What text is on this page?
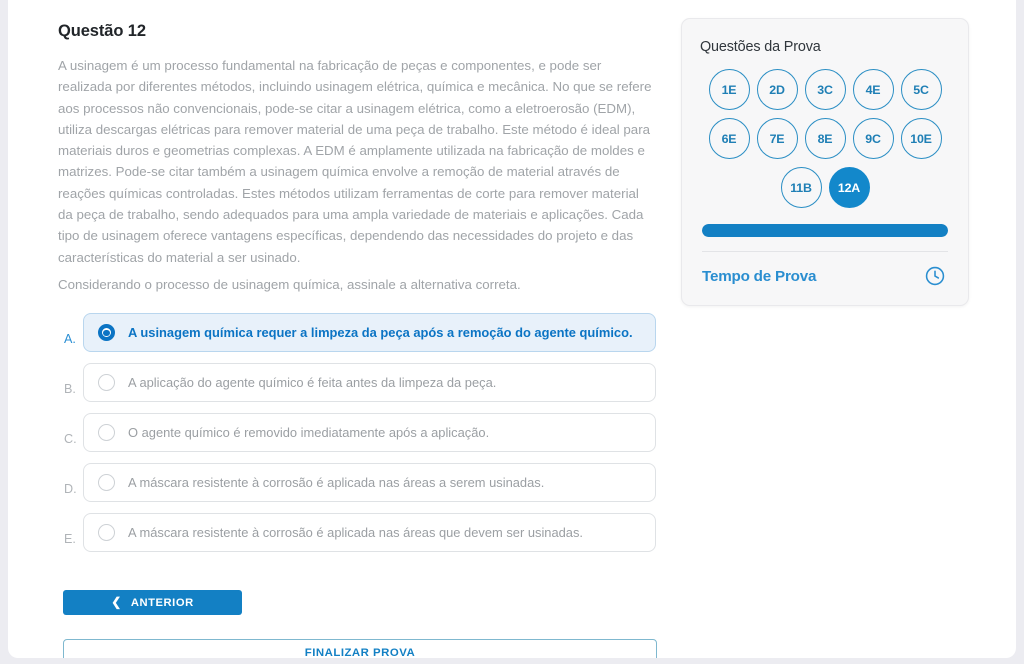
Questão 12

A usinagem é um processo fundamental na fabricação de peças e componentes, e pode ser realizada por diferentes métodos, incluindo usinagem elétrica, química e mecânica. No que se refere aos processos não convencionais, pode-se citar a usinagem elétrica, como a eletroerosão (EDM), utiliza descargas elétricas para remover material de uma peça de trabalho. Este método é ideal para materiais duros e geometrias complexas. A EDM é amplamente utilizada na fabricação de moldes e matrizes. Pode-se citar também a usinagem química envolve a remoção de material através de reações químicas controladas. Estes métodos utilizam ferramentas de corte para remover material da peça de trabalho, sendo adequados para uma ampla variedade de materiais e aplicações. Cada tipo de usinagem oferece vantagens específicas, dependendo das necessidades do projeto e das características do material a ser usinado.

Considerando o processo de usinagem química, assinale a alternativa correta.

A.	A usinagem química requer a limpeza da peça após a remoção do agente químico.
B.	A aplicação do agente químico é feita antes da limpeza da peça.
C.	O agente químico é removido imediatamente após a aplicação.
D.	A máscara resistente à corrosão é aplicada nas áreas a serem usinadas.
E.	A máscara resistente à corrosão é aplicada nas áreas que devem ser usinadas.
❮ ANTERIOR
FINALIZAR PROVA
Questões da Prova
1E	2D	3C	4E	5C
6E	7E	8E	9C	10E
11B	12A
Tempo de Prova
